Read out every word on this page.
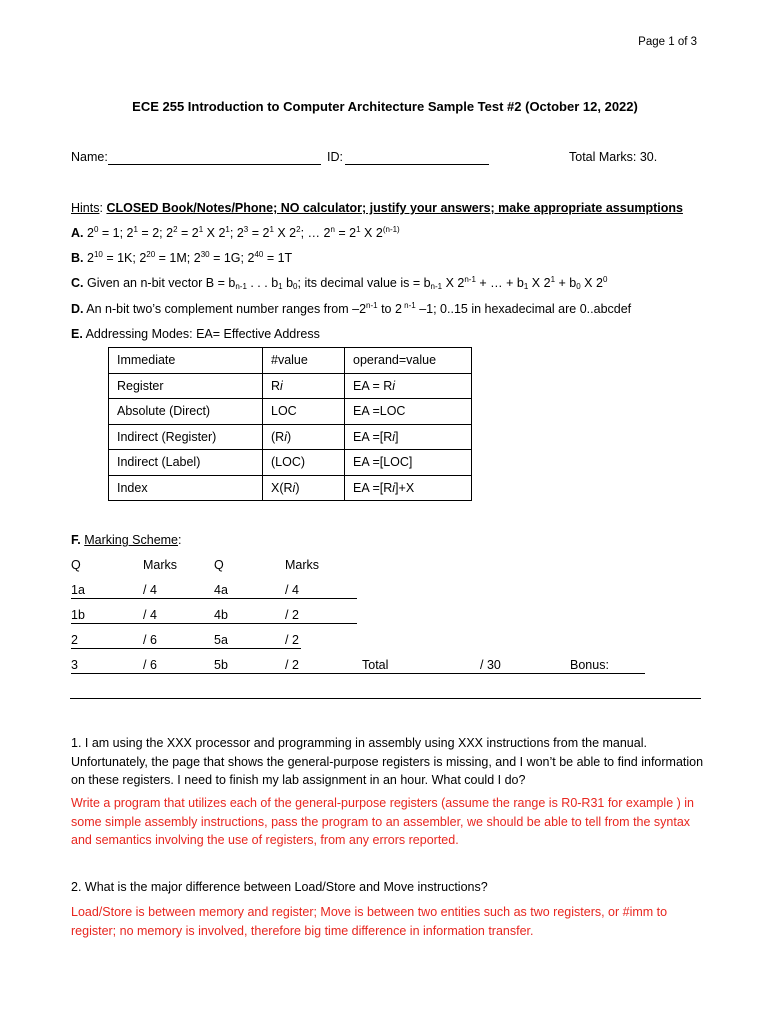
Page 1 of 3
ECE 255 Introduction to Computer Architecture Sample Test #2 (October 12, 2022)
Name:	ID:	Total Marks: 30.
Hints: CLOSED Book/Notes/Phone; NO calculator; justify your answers; make appropriate assumptions
A. $2^0 = 1$; $2^1 = 2$; $2^2 = 2^1$ X $2^1$; $2^3 = 2^1$ X $2^2$; … $2^n = 2^1$ X 2$^{(n-1)}$
B. $2^{10} = 1K$; $2^{20} = 1M$; $2^{30} = 1G$; $2^{40} = 1T$
C. Given an n-bit vector $B = b_{n-1}$ . . . $b_1$ $b_0$; its decimal value is = $b_{n-1}$ X $2^{n-1}$ + … + $b_1$ X $2^1 + b_0$ X $2^0$
D. An n-bit two’s complement number ranges from –2$^{n-1}$ to 2 $^{n-1}$ –1; 0..15 in hexadecimal are 0..abcdef
E. Addressing Modes: EA= Effective Address
Immediate	#value	operand=value
Register	Ri	EA = Ri
Absolute (Direct)	LOC	EA =LOC
Indirect (Register)	(Ri)	EA =[Ri]
Indirect (Label)	(LOC)	EA =[LOC]
Index	X(Ri)	EA =[Ri]+X
F. Marking Scheme:
Q	Marks	Q	Marks
1a	/ 4	4a	/ 4
1b	/ 4	4b	/ 2
2	/ 6	5a	/ 2
3	/ 6	5b	/ 2	Total	/ 30	Bonus:
1. I am using the XXX processor and programming in assembly using XXX instructions from the manual. Unfortunately, the page that shows the general-purpose registers is missing, and I won’t be able to find information on these registers. I need to finish my lab assignment in an hour. What could I do?
Write a program that utilizes each of the general-purpose registers (assume the range is R0-R31 for example ) in some simple assembly instructions, pass the program to an assembler, we should be able to tell from the syntax and semantics involving the use of registers, from any errors reported.
2. What is the major difference between Load/Store and Move instructions?
Load/Store is between memory and register; Move is between two entities such as two registers, or #imm to register; no memory is involved, therefore big time difference in information transfer.
